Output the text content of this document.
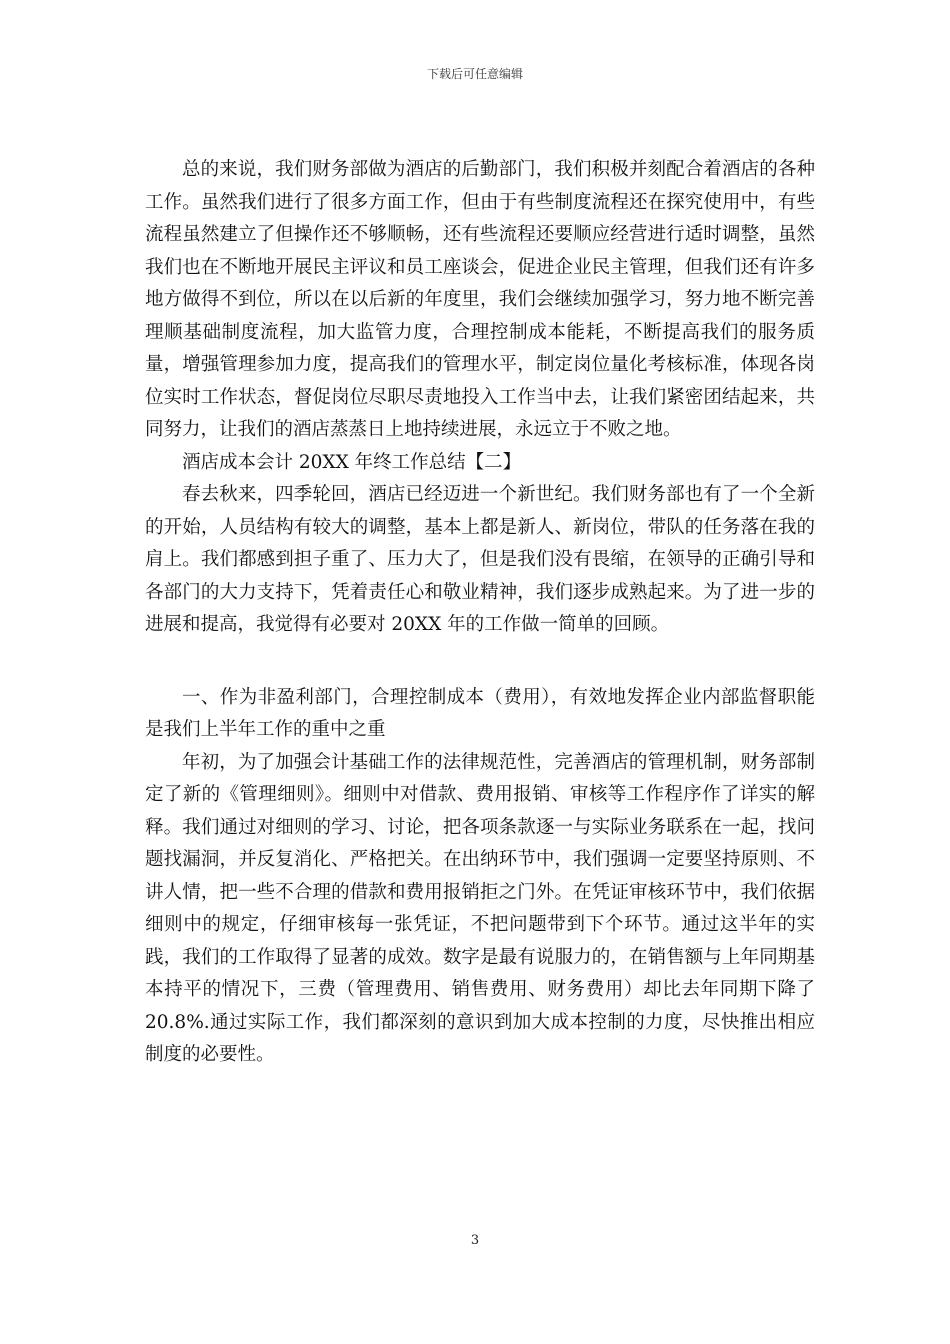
下载后可任意编辑

总的来说，我们财务部做为酒店的后勤部门，我们积极并刻配合着酒店的各种工作。虽然我们进行了很多方面工作，但由于有些制度流程还在探究使用中，有些流程虽然建立了但操作还不够顺畅，还有些流程还要顺应经营进行适时调整，虽然我们也在不断地开展民主评议和员工座谈会，促进企业民主管理，但我们还有许多地方做得不到位，所以在以后新的年度里，我们会继续加强学习，努力地不断完善理顺基础制度流程，加大监管力度，合理控制成本能耗，不断提高我们的服务质量，增强管理参加力度，提高我们的管理水平，制定岗位量化考核标准，体现各岗位实时工作状态，督促岗位尽职尽责地投入工作当中去，让我们紧密团结起来，共同努力，让我们的酒店蒸蒸日上地持续进展，永远立于不败之地。

酒店成本会计 20XX 年终工作总结【二】

春去秋来，四季轮回，酒店已经迈进一个新世纪。我们财务部也有了一个全新的开始，人员结构有较大的调整，基本上都是新人、新岗位，带队的任务落在我的肩上。我们都感到担子重了、压力大了，但是我们没有畏缩，在领导的正确引导和各部门的大力支持下，凭着责任心和敬业精神，我们逐步成熟起来。为了进一步的进展和提高，我觉得有必要对 20XX 年的工作做一简单的回顾。

一、作为非盈利部门，合理控制成本（费用），有效地发挥企业内部监督职能是我们上半年工作的重中之重

年初，为了加强会计基础工作的法律规范性，完善酒店的管理机制，财务部制定了新的《管理细则》。细则中对借款、费用报销、审核等工作程序作了详实的解释。我们通过对细则的学习、讨论，把各项条款逐一与实际业务联系在一起，找问题找漏洞，并反复消化、严格把关。在出纳环节中，我们强调一定要坚持原则、不讲人情，把一些不合理的借款和费用报销拒之门外。在凭证审核环节中，我们依据细则中的规定，仔细审核每一张凭证，不把问题带到下个环节。通过这半年的实践，我们的工作取得了显著的成效。数字是最有说服力的，在销售额与上年同期基本持平的情况下，三费（管理费用、销售费用、财务费用）却比去年同期下降了 20.8%.通过实际工作，我们都深刻的意识到加大成本控制的力度，尽快推出相应制度的必要性。

3
